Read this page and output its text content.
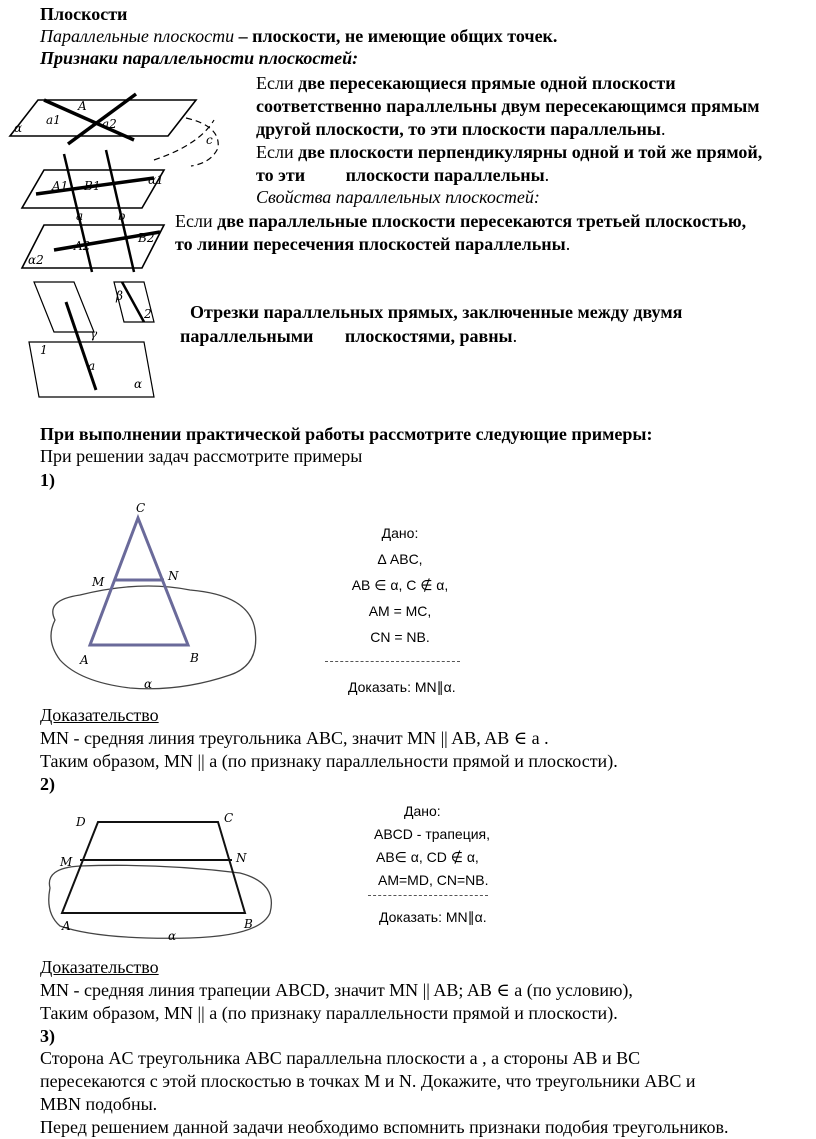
Плоскости
Параллельные плоскости – плоскости, не имеющие общих точек.
Признаки параллельности плоскостей:
Если две пересекающиеся прямые одной плоскости
соответственно параллельны двум пересекающимся прямым
другой плоскости, то эти плоскости параллельны.
Если две плоскости перпендикулярны одной и той же прямой,
то эти         плоскости параллельны.
Свойства параллельных плоскостей:
Если две параллельные плоскости пересекаются третьей плоскостью,
то линии пересечения плоскостей параллельны.
Отрезки параллельных прямых, заключенные между двумя
параллельными       плоскостями, равны.
A
a1	a2
α
c
A1 B1
a	b
A2
B2
α1
α2
β
γ
a
α
1
2
При выполнении практической работы рассмотрите следующие примеры:
При решении задач рассмотрите примеры
1)
C
M	N
A	B
α
Дано:
Δ ABC,
AB ∈ α, C ∉ α,
AM = MC,
CN = NB.
Доказать: MN∥α.
Доказательство
MN - средняя линия треугольника ABC, значит MN || AB, AB ∈ a .
Таким образом, MN || a (по признаку параллельности прямой и плоскости).
2)
D	C
M	N
A	B
α
Дано:
ABCD - трапеция,
AB∈ α, CD ∉ α,
AM=MD, CN=NB.
Доказать: MN∥α.
Доказательство
MN - средняя линия трапеции ABCD, значит MN || AB; AB ∈ a (по условию),
Таким образом, MN || a (по признаку параллельности прямой и плоскости).
3)
Сторона AC треугольника ABC параллельна плоскости a , а стороны AB и BC
пересекаются с этой плоскостью в точках M и N. Докажите, что треугольники ABC и
MBN подобны.
Перед решением данной задачи необходимо вспомнить признаки подобия треугольников.
